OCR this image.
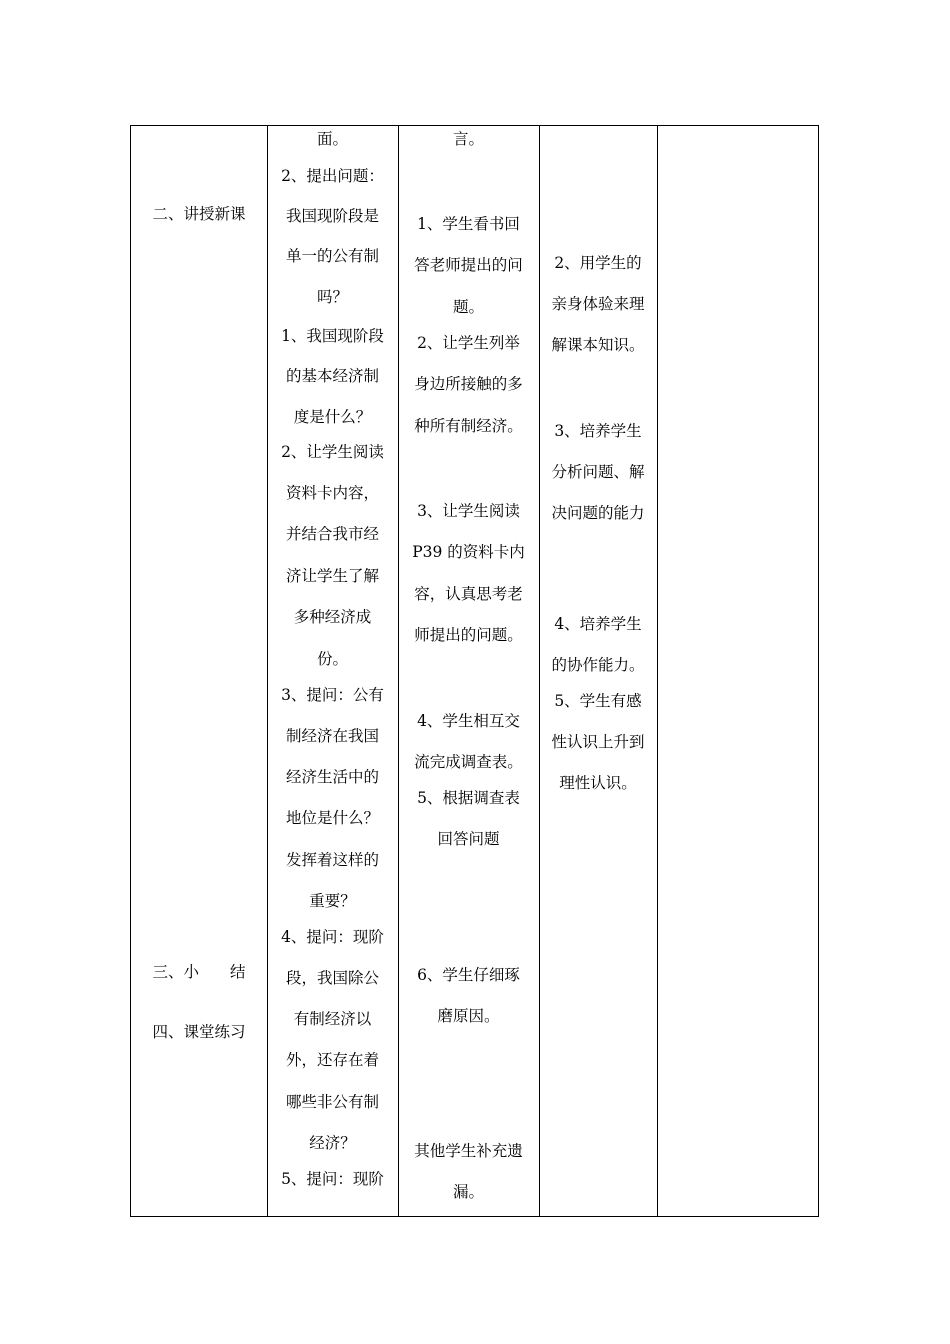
二、讲授新课
三、小　　结
四、课堂练习
面。
2、提出问题：
我国现阶段是
单一的公有制
吗？
1、我国现阶段
的基本经济制
度是什么？
2、让学生阅读
资料卡内容，
并结合我市经
济让学生了解
多种经济成
份。
3、提问：公有
制经济在我国
经济生活中的
地位是什么？
发挥着这样的
重要？
4、提问：现阶
段，我国除公
有制经济以
外，还存在着
哪些非公有制
经济？
5、提问：现阶
言。
1、学生看书回
答老师提出的问
题。
2、让学生列举
身边所接触的多
种所有制经济。
3、让学生阅读
P39 的资料卡内
容，认真思考老
师提出的问题。
4、学生相互交
流完成调查表。
5、根据调查表
回答问题
6、学生仔细琢
磨原因。
其他学生补充遗
漏。
2、用学生的
亲身体验来理
解课本知识。
3、培养学生
分析问题、解
决问题的能力
4、培养学生
的协作能力。
5、学生有感
性认识上升到
理性认识。
